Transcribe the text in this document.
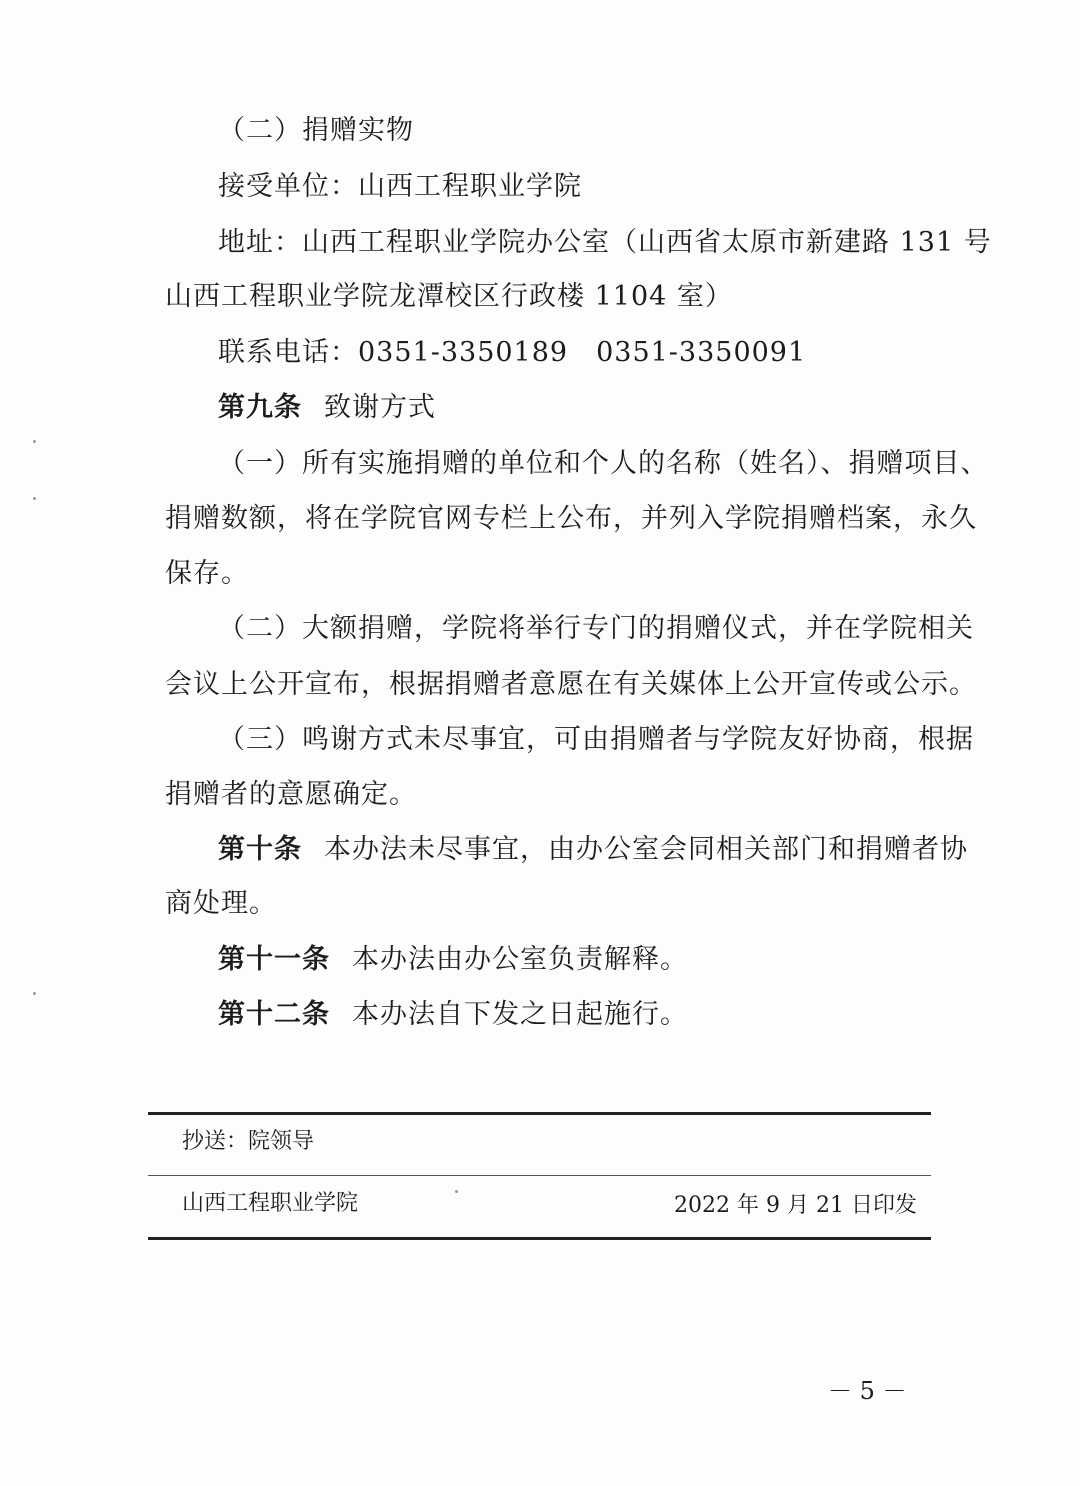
（二）捐赠实物
接受单位：山西工程职业学院
地址：山西工程职业学院办公室（山西省太原市新建路 131 号
山西工程职业学院龙潭校区行政楼 1104 室）
联系电话：0351-3350189　0351-3350091
第九条 致谢方式
（一）所有实施捐赠的单位和个人的名称（姓名）、捐赠项目、
捐赠数额，将在学院官网专栏上公布，并列入学院捐赠档案，永久
保存。
（二）大额捐赠，学院将举行专门的捐赠仪式，并在学院相关
会议上公开宣布，根据捐赠者意愿在有关媒体上公开宣传或公示。
（三）鸣谢方式未尽事宜，可由捐赠者与学院友好协商，根据
捐赠者的意愿确定。
第十条 本办法未尽事宜，由办公室会同相关部门和捐赠者协
商处理。
第十一条 本办法由办公室负责解释。
第十二条 本办法自下发之日起施行。
抄送：院领导
山西工程职业学院	2022 年 9 月 21 日印发
－ 5 －
